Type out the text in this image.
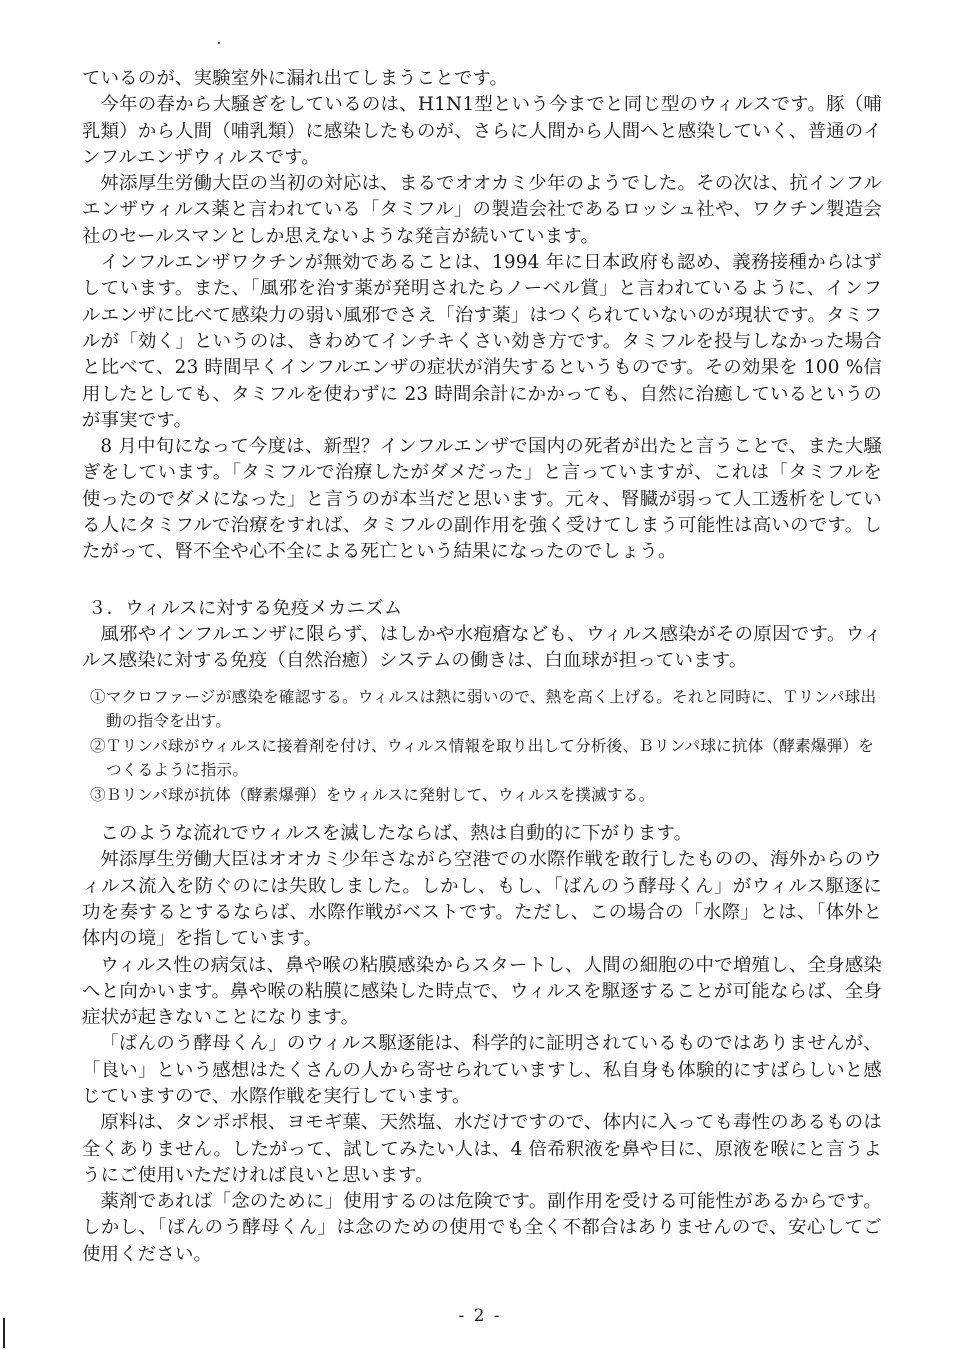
ているのが、実験室外に漏れ出てしまうことです。

今年の春から大騒ぎをしているのは、H1N1型という今までと同じ型のウィルスです。豚（哺乳類）から人間（哺乳類）に感染したものが、さらに人間から人間へと感染していく、普通のインフルエンザウィルスです。

舛添厚生労働大臣の当初の対応は、まるでオオカミ少年のようでした。その次は、抗インフルエンザウィルス薬と言われている「タミフル」の製造会社であるロッシュ社や、ワクチン製造会社のセールスマンとしか思えないような発言が続いています。

インフルエンザワクチンが無効であることは、1994 年に日本政府も認め、義務接種からはずしています。また、「風邪を治す薬が発明されたらノーベル賞」と言われているように、インフルエンザに比べて感染力の弱い風邪でさえ「治す薬」はつくられていないのが現状です。タミフルが「効く」というのは、きわめてインチキくさい効き方です。タミフルを投与しなかった場合と比べて、23 時間早くインフルエンザの症状が消失するというものです。その効果を 100 %信用したとしても、タミフルを使わずに 23 時間余計にかかっても、自然に治癒しているというのが事実です。

8 月中旬になって今度は、新型？インフルエンザで国内の死者が出たと言うことで、また大騒ぎをしています。「タミフルで治療したがダメだった」と言っていますが、これは「タミフルを使ったのでダメになった」と言うのが本当だと思います。元々、腎臓が弱って人工透析をしている人にタミフルで治療をすれば、タミフルの副作用を強く受けてしまう可能性は高いのです。したがって、腎不全や心不全による死亡という結果になったのでしょう。

３．ウィルスに対する免疫メカニズム

風邪やインフルエンザに限らず、はしかや水疱瘡なども、ウィルス感染がその原因です。ウィルス感染に対する免疫（自然治癒）システムの働きは、白血球が担っています。

①マクロファージが感染を確認する。ウィルスは熱に弱いので、熱を高く上げる。それと同時に、Ｔリンパ球出動の指令を出す。
②Ｔリンパ球がウィルスに接着剤を付け、ウィルス情報を取り出して分析後、Ｂリンパ球に抗体（酵素爆弾）をつくるように指示。
③Ｂリンパ球が抗体（酵素爆弾）をウィルスに発射して、ウィルスを撲滅する。

このような流れでウィルスを滅したならば、熱は自動的に下がります。

舛添厚生労働大臣はオオカミ少年さながら空港での水際作戦を敢行したものの、海外からのウィルス流入を防ぐのには失敗しました。しかし、もし、「ばんのう酵母くん」がウィルス駆逐に功を奏するとするならば、水際作戦がベストです。ただし、この場合の「水際」とは、「体外と体内の境」を指しています。

ウィルス性の病気は、鼻や喉の粘膜感染からスタートし、人間の細胞の中で増殖し、全身感染へと向かいます。鼻や喉の粘膜に感染した時点で、ウィルスを駆逐することが可能ならば、全身症状が起きないことになります。

「ばんのう酵母くん」のウィルス駆逐能は、科学的に証明されているものではありませんが、「良い」という感想はたくさんの人から寄せられていますし、私自身も体験的にすばらしいと感じていますので、水際作戦を実行しています。

原料は、タンポポ根、ヨモギ葉、天然塩、水だけですので、体内に入っても毒性のあるものは全くありません。したがって、試してみたい人は、4 倍希釈液を鼻や目に、原液を喉にと言うようにご使用いただければ良いと思います。

薬剤であれば「念のために」使用するのは危険です。副作用を受ける可能性があるからです。しかし、「ばんのう酵母くん」は念のための使用でも全く不都合はありませんので、安心してご使用ください。

- 2 -
